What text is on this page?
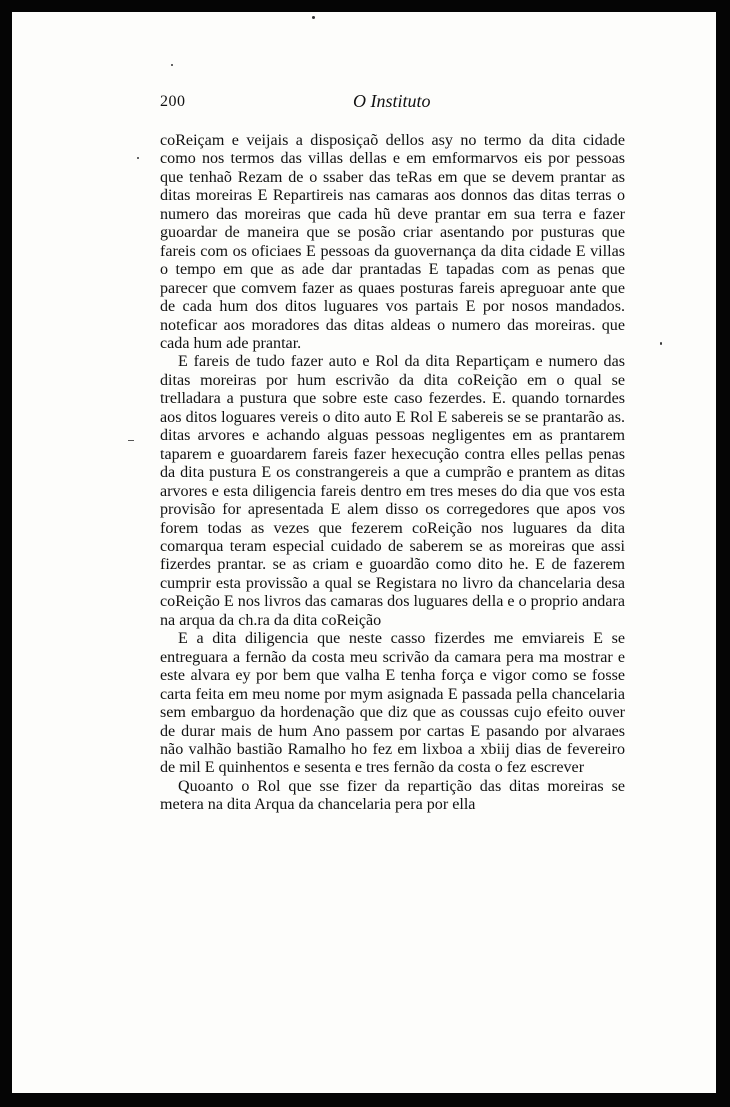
200	O Instituto

coReiçam e veijais a disposiçaõ dellos asy no termo da dita cidade como nos termos das villas dellas e em emformarvos eis por pessoas que tenhaõ Rezam de o ssaber das teRas em que se devem prantar as ditas moreiras E Repartireis nas camaras aos donnos das ditas terras o numero das moreiras que cada hũ deve prantar em sua terra e fazer guoardar de maneira que se posão criar asentando por pusturas que fareis com os oficiaes E pessoas da guovernança da dita cidade E villas o tempo em que as ade dar prantadas E tapadas com as penas que parecer que comvem fazer as quaes posturas fareis apreguoar ante que de cada hum dos ditos luguares vos partais E por nosos mandados. noteficar aos moradores das ditas aldeas o numero das moreiras. que cada hum ade prantar.

E fareis de tudo fazer auto e Rol da dita Repartiçam e numero das ditas moreiras por hum escrivão da dita coReição em o qual se trelladara a pustura que sobre este caso fezerdes. E. quando tornardes aos ditos loguares vereis o dito auto E Rol E sabereis se se prantarão as. ditas arvores e achando alguas pessoas negligentes em as prantarem taparem e guoardarem fareis fazer hexecução contra elles pellas penas da dita pustura E os constrangereis a que a cumprão e prantem as ditas arvores e esta diligencia fareis dentro em tres meses do dia que vos esta provisão for apresentada E alem disso os corregedores que apos vos forem todas as vezes que fezerem coReição nos luguares da dita comarqua teram especial cuidado de saberem se as moreiras que assi fizerdes prantar. se as criam e guoardão como dito he. E de fazerem cumprir esta provissão a qual se Registara no livro da chancelaria desa coReição E nos livros das camaras dos luguares della e o proprio andara na arqua da ch.ra da dita coReição

E a dita diligencia que neste casso fizerdes me emviareis E se entreguara a fernão da costa meu scrivão da camara pera ma mostrar e este alvara ey por bem que valha E tenha força e vigor como se fosse carta feita em meu nome por mym asignada E passada pella chancelaria sem embarguo da hordenação que diz que as coussas cujo efeito ouver de durar mais de hum Ano passem por cartas E pasando por alvaraes não valhão bastião Ramalho ho fez em lixboa a xbiij dias de fevereiro de mil E quinhentos e sesenta e tres fernão da costa o fez escrever

Quoanto o Rol que sse fizer da repartição das ditas moreiras se metera na dita Arqua da chancelaria pera por ella
